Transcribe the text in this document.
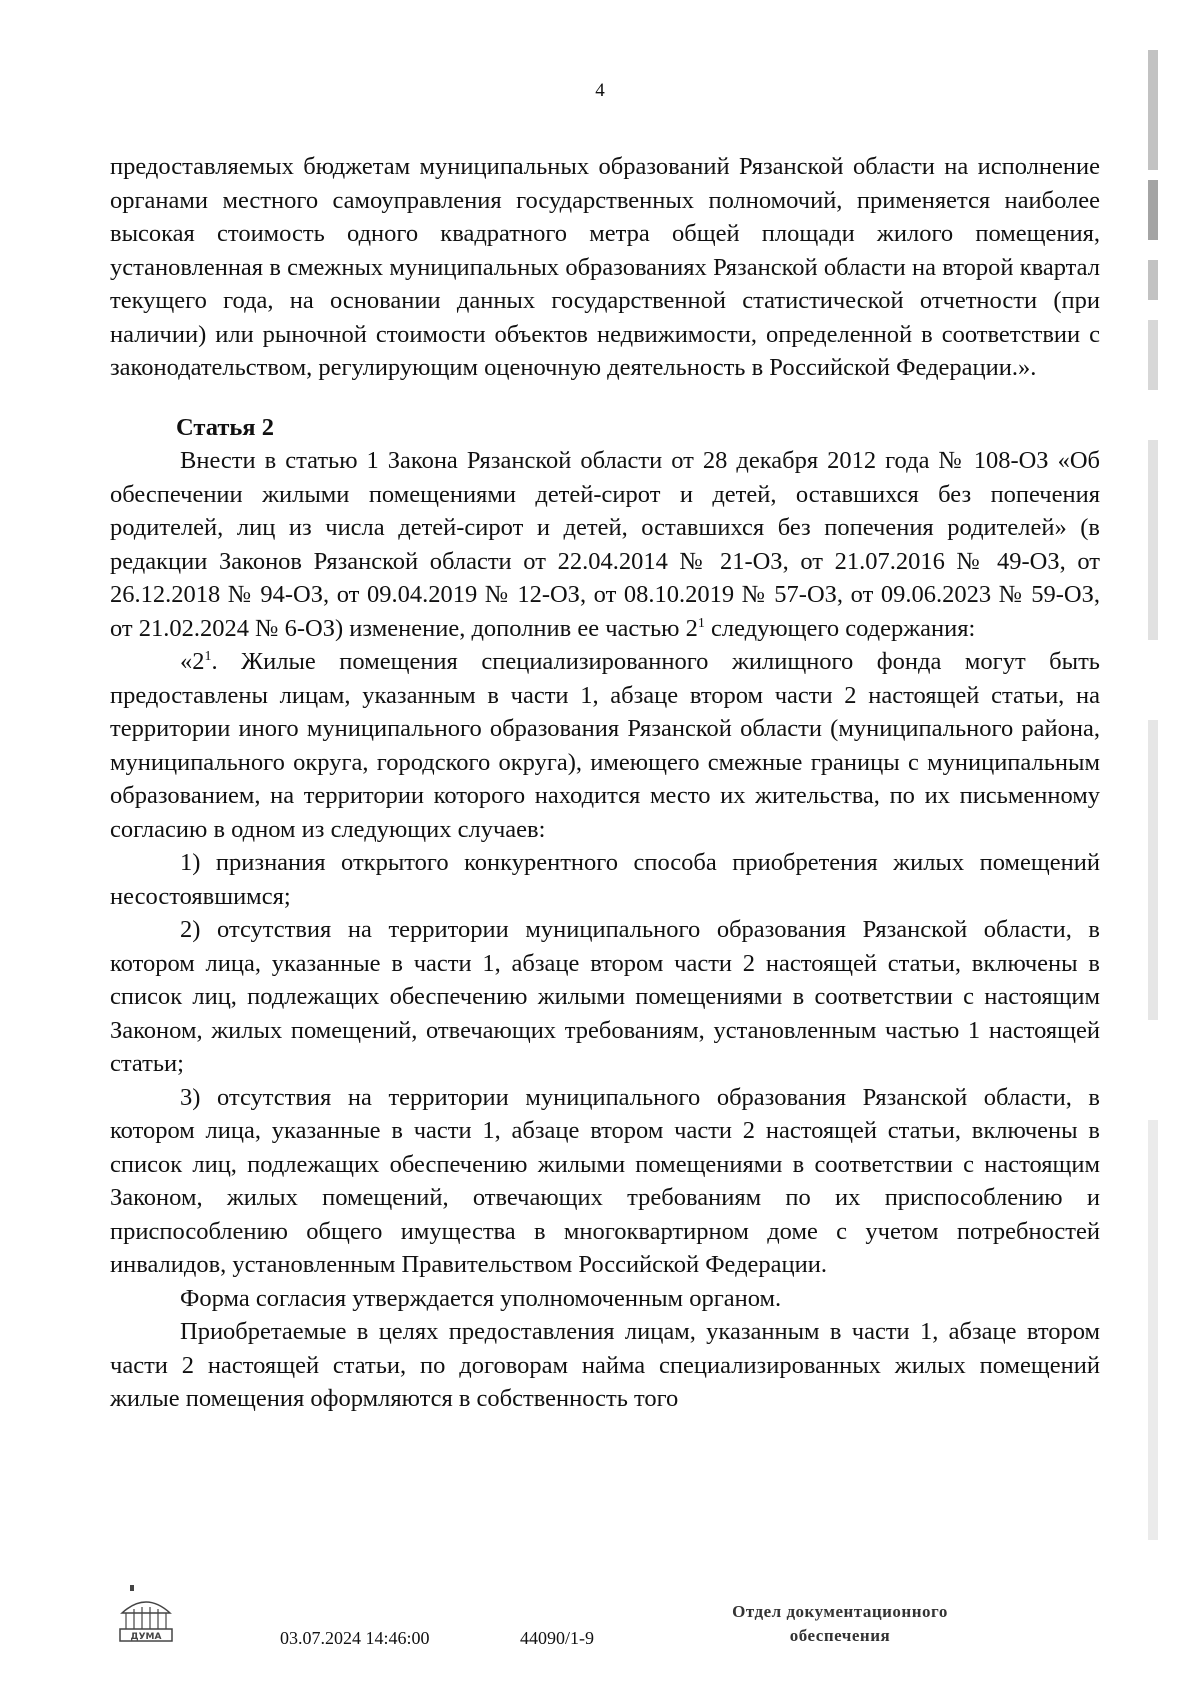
4

предоставляемых бюджетам муниципальных образований Рязанской области на исполнение органами местного самоуправления государственных полномочий, применяется наиболее высокая стоимость одного квадратного метра общей площади жилого помещения, установленная в смежных муниципальных образованиях Рязанской области на второй квартал текущего года, на основании данных государственной статистической отчетности (при наличии) или рыночной стоимости объектов недвижимости, определенной в соответствии с законодательством, регулирующим оценочную деятельность в Российской Федерации.».

Статья 2

Внести в статью 1 Закона Рязанской области от 28 декабря 2012 года № 108-ОЗ «Об обеспечении жилыми помещениями детей-сирот и детей, оставшихся без попечения родителей, лиц из числа детей-сирот и детей, оставшихся без попечения родителей» (в редакции Законов Рязанской области от 22.04.2014 № 21-ОЗ, от 21.07.2016 № 49-ОЗ, от 26.12.2018 № 94-ОЗ, от 09.04.2019 № 12-ОЗ, от 08.10.2019 № 57-ОЗ, от 09.06.2023 № 59-ОЗ, от 21.02.2024 № 6-ОЗ) изменение, дополнив ее частью $2^1$ следующего содержания:

«$2^1$. Жилые помещения специализированного жилищного фонда могут быть предоставлены лицам, указанным в части 1, абзаце втором части 2 настоящей статьи, на территории иного муниципального образования Рязанской области (муниципального района, муниципального округа, городского округа), имеющего смежные границы с муниципальным образованием, на территории которого находится место их жительства, по их письменному согласию в одном из следующих случаев:

1) признания открытого конкурентного способа приобретения жилых помещений несостоявшимся;

2) отсутствия на территории муниципального образования Рязанской области, в котором лица, указанные в части 1, абзаце втором части 2 настоящей статьи, включены в список лиц, подлежащих обеспечению жилыми помещениями в соответствии с настоящим Законом, жилых помещений, отвечающих требованиям, установленным частью 1 настоящей статьи;

3) отсутствия на территории муниципального образования Рязанской области, в котором лица, указанные в части 1, абзаце втором части 2 настоящей статьи, включены в список лиц, подлежащих обеспечению жилыми помещениями в соответствии с настоящим Законом, жилых помещений, отвечающих требованиям по их приспособлению и приспособлению общего имущества в многоквартирном доме с учетом потребностей инвалидов, установленным Правительством Российской Федерации.

Форма согласия утверждается уполномоченным органом.

Приобретаемые в целях предоставления лицам, указанным в части 1, абзаце втором части 2 настоящей статьи, по договорам найма специализированных жилых помещений жилые помещения оформляются в собственность того

ДУМА	03.07.2024 14:46:00	44090/1-9
Отдел документационного
обеспечения
